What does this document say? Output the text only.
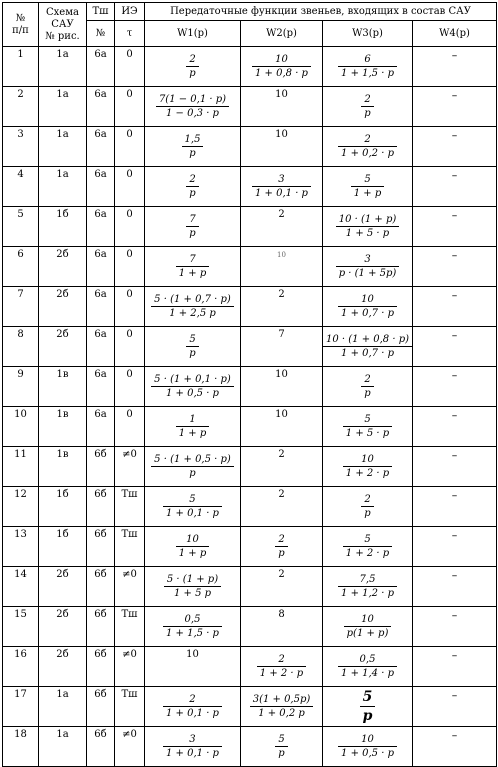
№
п/п	Схема
САУ
№ рис.	Тш	ИЭ	Передаточные функции звеньев, входящих в состав САУ			
		№	τ	W1(p)	W2(p)	W3(p)	W4(p)
1	1а	6а	0	$\frac{2}{p}$	$\frac{10}{1 + 0,8 \cdot p}$	$\frac{6}{1 + 1,5 \cdot p}$	–
2	1а	6а	0	$\frac{7(1 - 0,1 \cdot p)}{1 - 0,3 \cdot p}$	10	$\frac{2}{p}$	–
3	1а	6а	0	$\frac{1,5}{p}$	10	$\frac{2}{1 + 0,2 \cdot p}$	–
4	1а	6а	0	$\frac{2}{p}$	$\frac{3}{1 + 0,1 \cdot p}$	$\frac{5}{1 + p}$	–
5	1б	6а	0	$\frac{7}{p}$	2	$\frac{10 \cdot (1 + p)}{1 + 5 \cdot p}$	–
6	2б	6а	0	$\frac{7}{1 + p}$	10	$\frac{3}{p \cdot (1 + 5p)}$	–
7	2б	6а	0	$\frac{5 \cdot (1 + 0,7 \cdot p)}{1 + 2,5 p}$	2	$\frac{10}{1 + 0,7 \cdot p}$	–
8	2б	6а	0	$\frac{5}{p}$	7	$\frac{10 \cdot (1 + 0,8 \cdot p)}{1 + 0,7 \cdot p}$	–
9	1в	6а	0	$\frac{5 \cdot (1 + 0,1 \cdot p)}{1 + 0,5 \cdot p}$	10	$\frac{2}{p}$	–
10	1в	6а	0	$\frac{1}{1 + p}$	10	$\frac{5}{1 + 5 \cdot p}$	–
11	1в	6б	≠0	$\frac{5 \cdot (1 + 0,5 \cdot p)}{p}$	2	$\frac{10}{1 + 2 \cdot p}$	–
12	1б	6б	Тш	$\frac{5}{1 + 0,1 \cdot p}$	2	$\frac{2}{p}$	–
13	1б	6б	Тш	$\frac{10}{1 + p}$	$\frac{2}{p}$	$\frac{5}{1 + 2 \cdot p}$	–
14	2б	6б	≠0	$\frac{5 \cdot (1 + p)}{1 + 5 p}$	2	$\frac{7,5}{1 + 1,2 \cdot p}$	–
15	2б	6б	Тш	$\frac{0,5}{1 + 1,5 \cdot p}$	8	$\frac{10}{p(1 + p)}$	–
16	2б	6б	≠0	10	$\frac{2}{1 + 2 \cdot p}$	$\frac{0,5}{1 + 1,4 \cdot p}$	–
17	1а	6б	Тш	$\frac{2}{1 + 0,1 \cdot p}$	$\frac{3(1 + 0,5p)}{1 + 0,2 p}$	$\frac{5}{p}$	–
18	1а	6б	≠0	$\frac{3}{1 + 0,1 \cdot p}$	$\frac{5}{p}$	$\frac{10}{1 + 0,5 \cdot p}$	–
